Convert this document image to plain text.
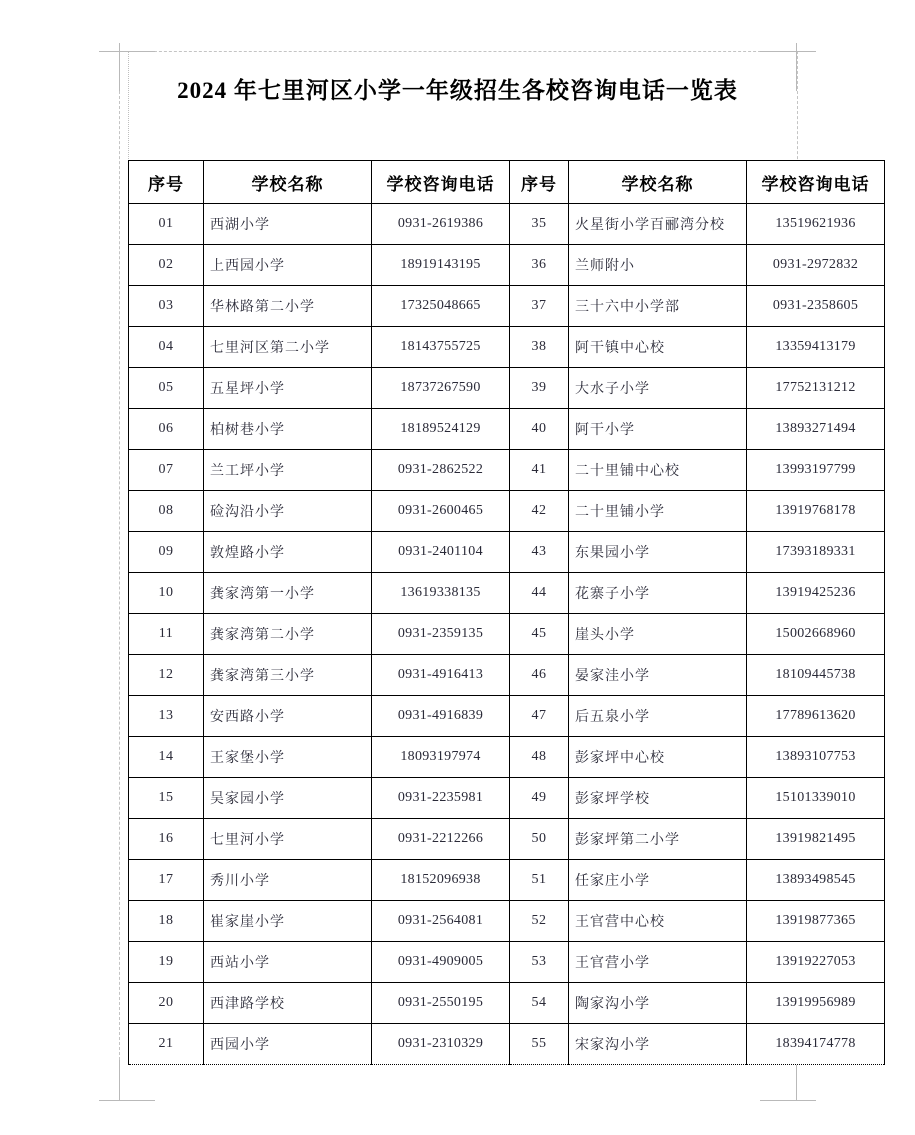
2024 年七里河区小学一年级招生各校咨询电话一览表
序号	学校名称	学校咨询电话	序号	学校名称	学校咨询电话
01	西湖小学	0931-2619386	35	火星街小学百郦湾分校	13519621936
02	上西园小学	18919143195	36	兰师附小	0931-2972832
03	华林路第二小学	17325048665	37	三十六中小学部	0931-2358605
04	七里河区第二小学	18143755725	38	阿干镇中心校	13359413179
05	五星坪小学	18737267590	39	大水子小学	17752131212
06	柏树巷小学	18189524129	40	阿干小学	13893271494
07	兰工坪小学	0931-2862522	41	二十里铺中心校	13993197799
08	硷沟沿小学	0931-2600465	42	二十里铺小学	13919768178
09	敦煌路小学	0931-2401104	43	东果园小学	17393189331
10	龚家湾第一小学	13619338135	44	花寨子小学	13919425236
11	龚家湾第二小学	0931-2359135	45	崖头小学	15002668960
12	龚家湾第三小学	0931-4916413	46	晏家洼小学	18109445738
13	安西路小学	0931-4916839	47	后五泉小学	17789613620
14	王家堡小学	18093197974	48	彭家坪中心校	13893107753
15	吴家园小学	0931-2235981	49	彭家坪学校	15101339010
16	七里河小学	0931-2212266	50	彭家坪第二小学	13919821495
17	秀川小学	18152096938	51	任家庄小学	13893498545
18	崔家崖小学	0931-2564081	52	王官营中心校	13919877365
19	西站小学	0931-4909005	53	王官营小学	13919227053
20	西津路学校	0931-2550195	54	陶家沟小学	13919956989
21	西园小学	0931-2310329	55	宋家沟小学	18394174778
